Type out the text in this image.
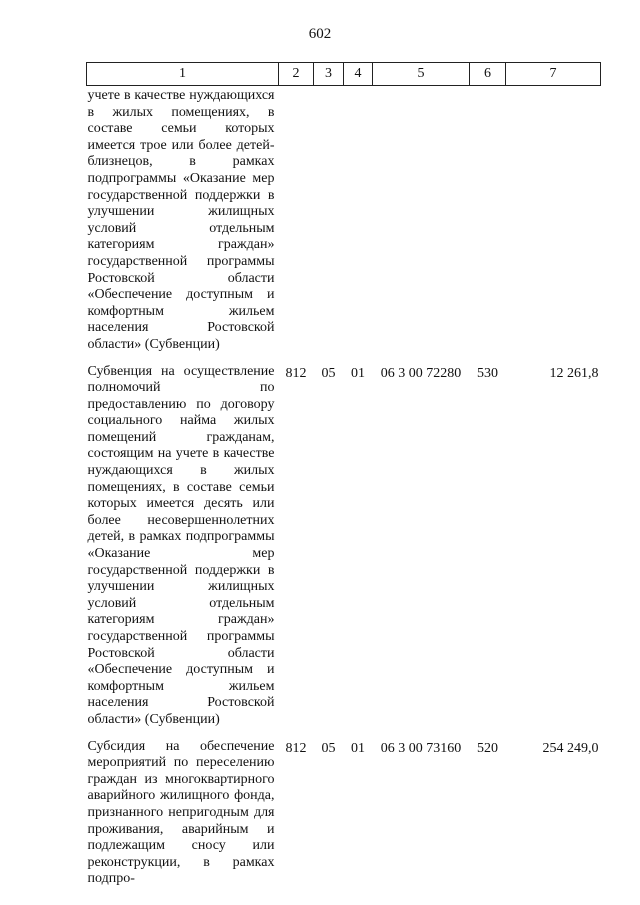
602
1	2	3	4	5	6	7
учете в качестве нуждающихся в жилых помещениях, в составе семьи которых имеется трое или более детей-близнецов, в рамках подпрограммы «Оказание мер государственной поддержки в улучшении жилищных условий отдельным категориям граждан» государственной программы Ростовской области «Обеспечение доступным и комфортным жильем населения Ростовской области» (Субвенции)						
Субвенция на осуществление полномочий по предоставлению по договору социального найма жилых помещений гражданам, состоящим на учете в качестве нуждающихся в жилых помещениях, в составе семьи которых имеется десять или более несовершеннолетних детей, в рамках подпрограммы «Оказание мер государственной поддержки в улучшении жилищных условий отдельным категориям граждан» государственной программы Ростовской области «Обеспечение доступным и комфортным жильем населения Ростовской области» (Субвенции)	812	05	01	06 3 00 72280	530	12 261,8
Субсидия на обеспечение мероприятий по переселению граждан из многоквартирного аварийного жилищного фонда, признанного непригодным для проживания, аварийным и подлежащим сносу или реконструкции, в рамках подпро-	812	05	01	06 3 00 73160	520	254 249,0
